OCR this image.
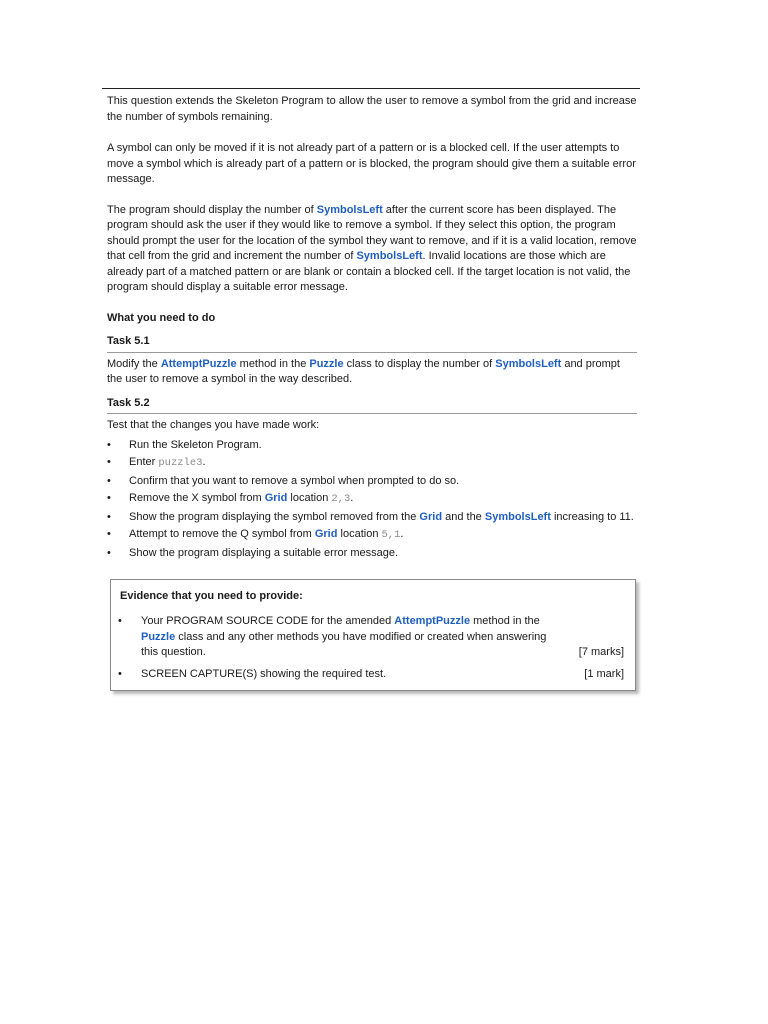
This question extends the Skeleton Program to allow the user to remove a symbol from the grid and increase the number of symbols remaining.

A symbol can only be moved if it is not already part of a pattern or is a blocked cell. If the user attempts to move a symbol which is already part of a pattern or is blocked, the program should give them a suitable error message.

The program should display the number of SymbolsLeft after the current score has been displayed. The program should ask the user if they would like to remove a symbol. If they select this option, the program should prompt the user for the location of the symbol they want to remove, and if it is a valid location, remove that cell from the grid and increment the number of SymbolsLeft. Invalid locations are those which are already part of a matched pattern or are blank or contain a blocked cell. If the target location is not valid, the program should display a suitable error message.

What you need to do

Task 5.1

Modify the AttemptPuzzle method in the Puzzle class to display the number of SymbolsLeft and prompt the user to remove a symbol in the way described.

Task 5.2

Test that the changes you have made work:

• Run the Skeleton Program.
• Enter puzzle3.
• Confirm that you want to remove a symbol when prompted to do so.
• Remove the X symbol from Grid location 2,3.
• Show the program displaying the symbol removed from the Grid and the SymbolsLeft increasing to 11.
• Attempt to remove the Q symbol from Grid location 5,1.
• Show the program displaying a suitable error message.
Evidence that you need to provide:
• Your PROGRAM SOURCE CODE for the amended AttemptPuzzle method in the Puzzle class and any other methods you have modified or created when answering this question.	[7 marks]
• SCREEN CAPTURE(S) showing the required test.	[1 mark]
